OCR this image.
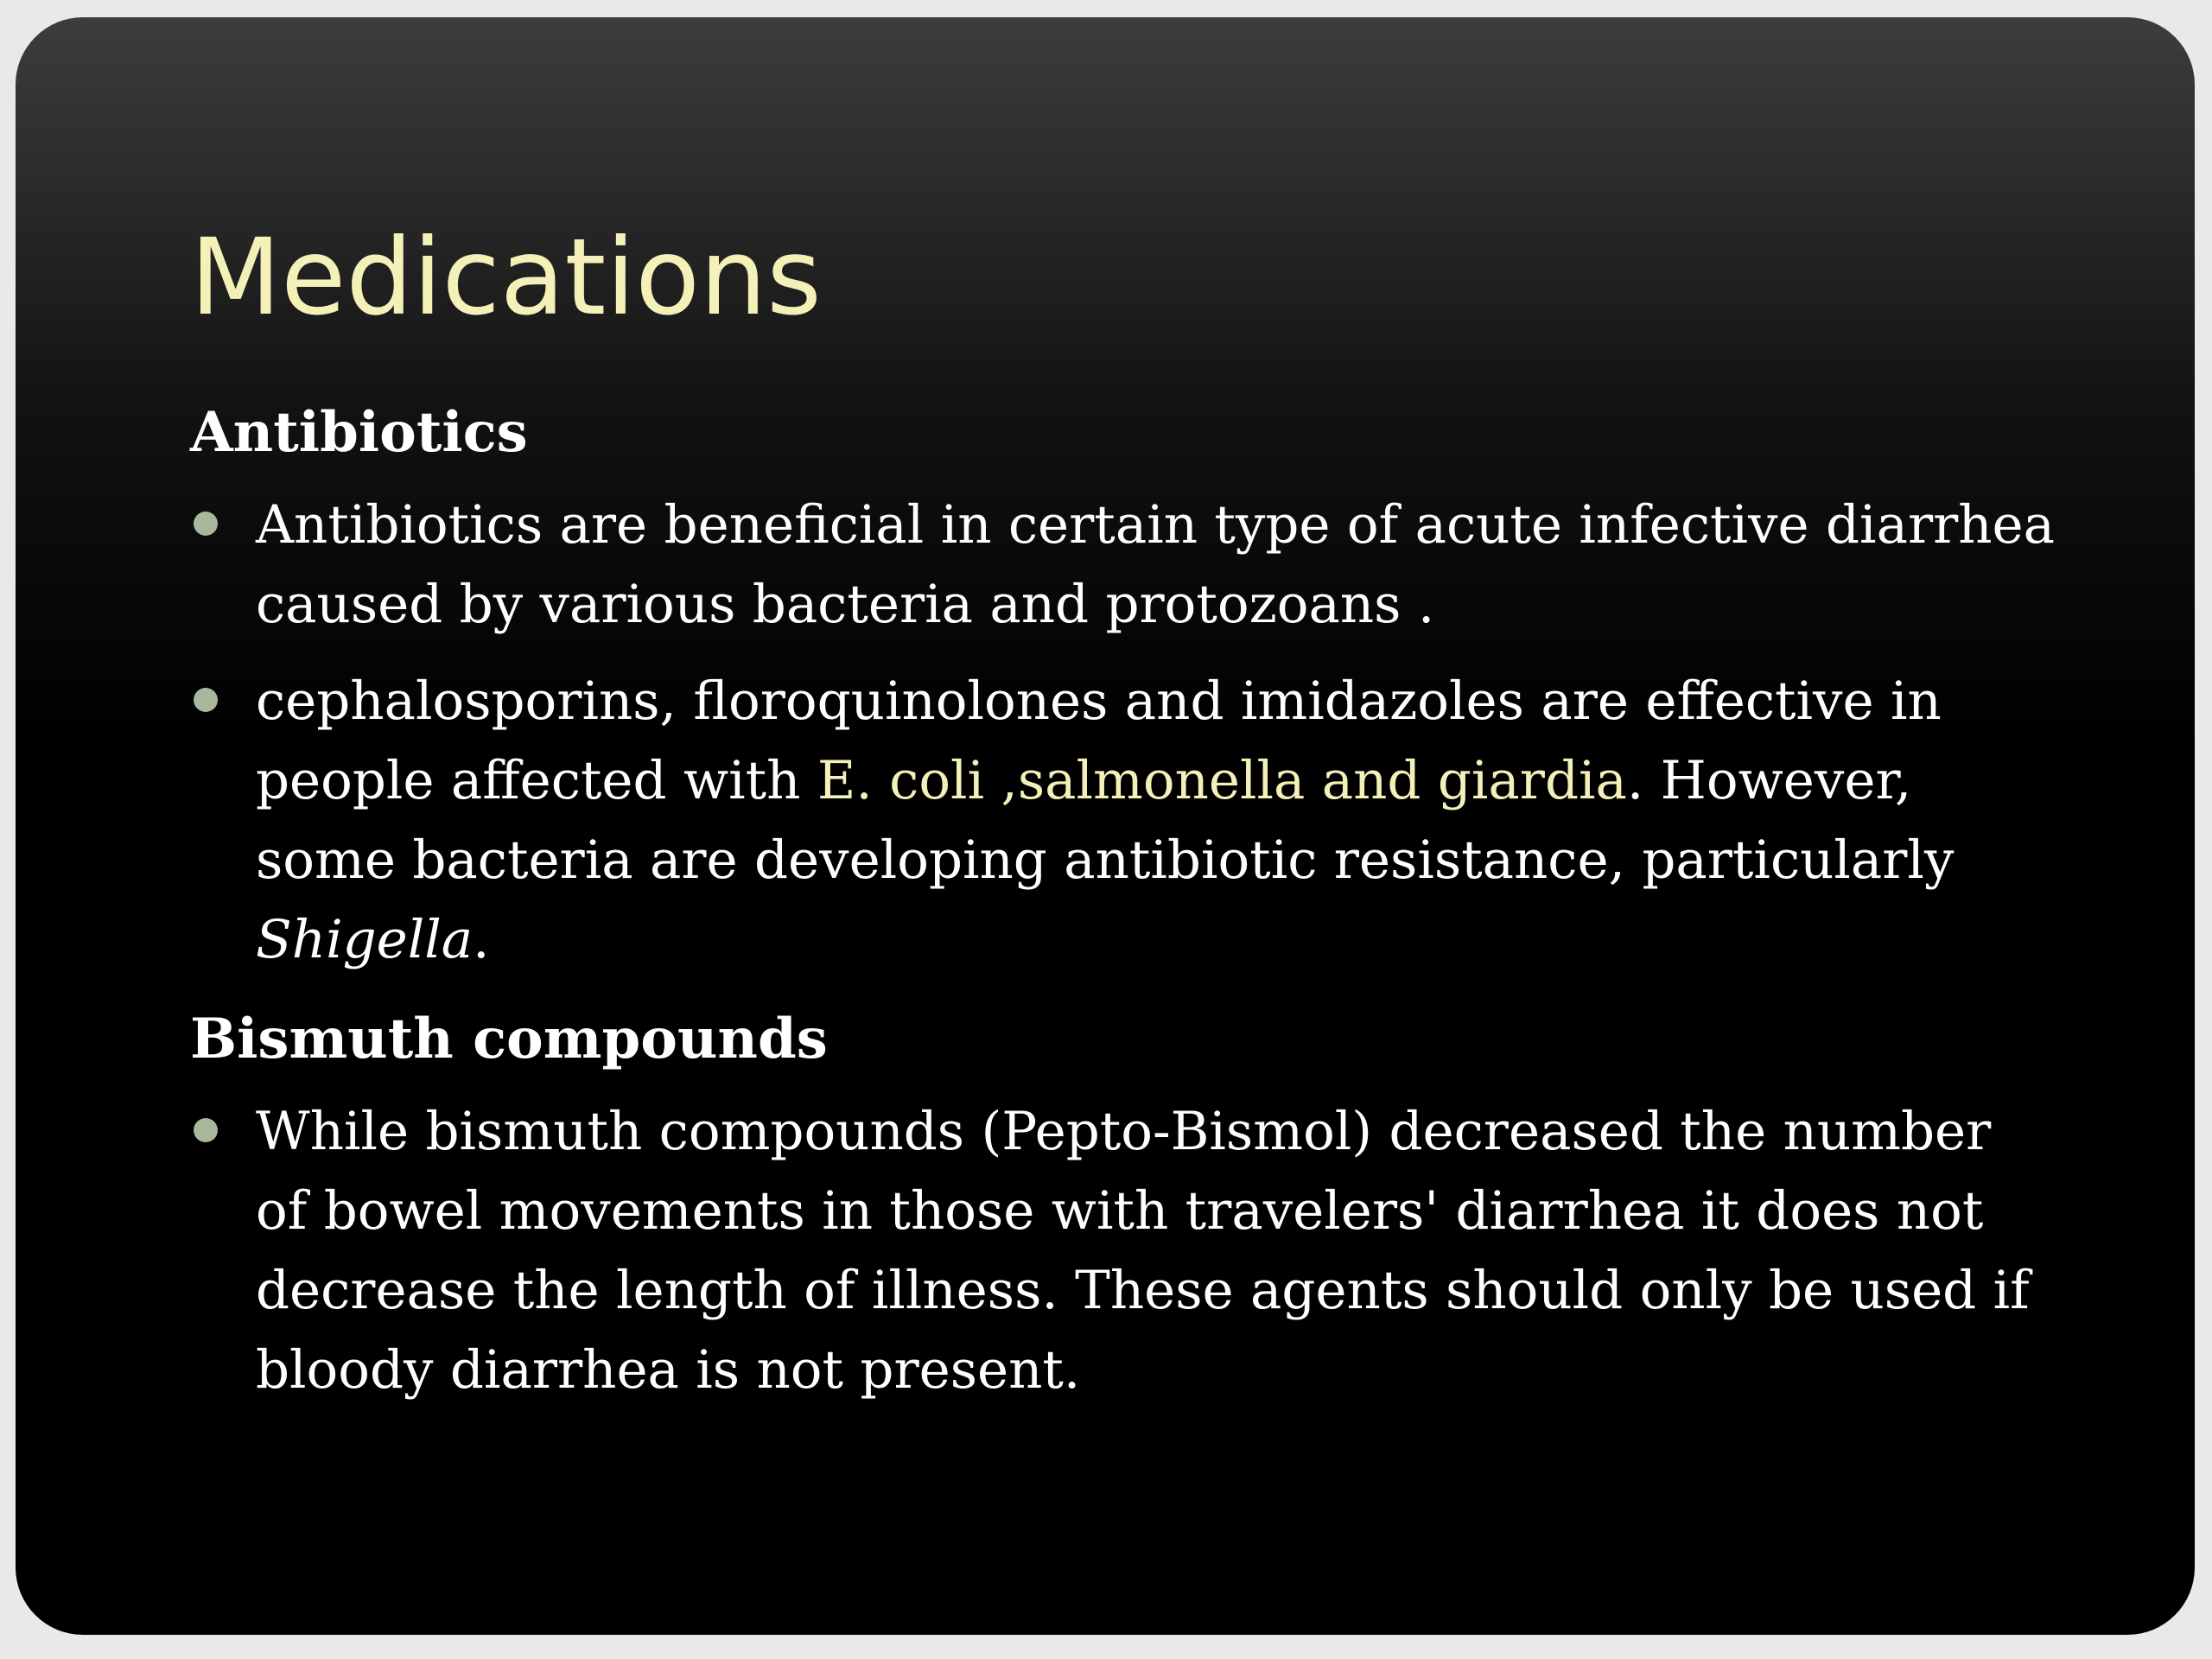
Medications
Antibiotics
Antibiotics are beneficial in certain type of acute infective diarrhea caused by various bacteria and protozoans .
cephalosporins, floroquinolones and imidazoles are effective in people affected with E. coli ,salmonella and giardia. However, some bacteria are developing antibiotic resistance, particularly Shigella.
Bismuth compounds
While bismuth compounds (Pepto-Bismol) decreased the number of bowel movements in those with travelers' diarrhea it does not decrease the length of illness. These agents should only be used if bloody diarrhea is not present.
